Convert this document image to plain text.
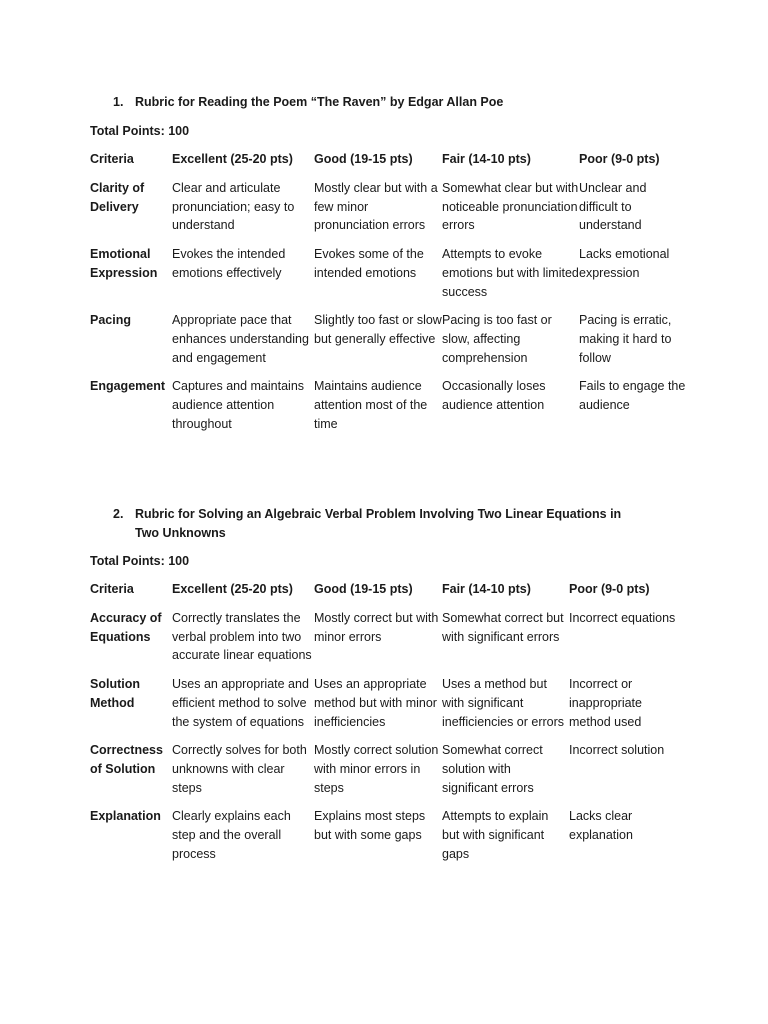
1. Rubric for Reading the Poem “The Raven” by Edgar Allan Poe
Total Points: 100
Criteria	Excellent (25-20 pts)	Good (19-15 pts)	Fair (14-10 pts)	Poor (9-0 pts)
Clarity of Delivery	Clear and articulate pronunciation; easy to understand	Mostly clear but with a few minor pronunciation errors	Somewhat clear but with noticeable pronunciation errors	Unclear and difficult to understand
Emotional Expression	Evokes the intended emotions effectively	Evokes some of the intended emotions	Attempts to evoke emotions but with limited success	Lacks emotional expression
Pacing	Appropriate pace that enhances understanding and engagement	Slightly too fast or slow but generally effective	Pacing is too fast or slow, affecting comprehension	Pacing is erratic, making it hard to follow
Engagement	Captures and maintains audience attention throughout	Maintains audience attention most of the time	Occasionally loses audience attention	Fails to engage the audience
2. Rubric for Solving an Algebraic Verbal Problem Involving Two Linear Equations in Two Unknowns
Total Points: 100
Criteria	Excellent (25-20 pts)	Good (19-15 pts)	Fair (14-10 pts)	Poor (9-0 pts)
Accuracy of Equations	Correctly translates the verbal problem into two accurate linear equations	Mostly correct but with minor errors	Somewhat correct but with significant errors	Incorrect equations
Solution Method	Uses an appropriate and efficient method to solve the system of equations	Uses an appropriate method but with minor inefficiencies	Uses a method but with significant inefficiencies or errors	Incorrect or inappropriate method used
Correctness of Solution	Correctly solves for both unknowns with clear steps	Mostly correct solution with minor errors in steps	Somewhat correct solution with significant errors	Incorrect solution
Explanation	Clearly explains each step and the overall process	Explains most steps but with some gaps	Attempts to explain but with significant gaps	Lacks clear explanation
